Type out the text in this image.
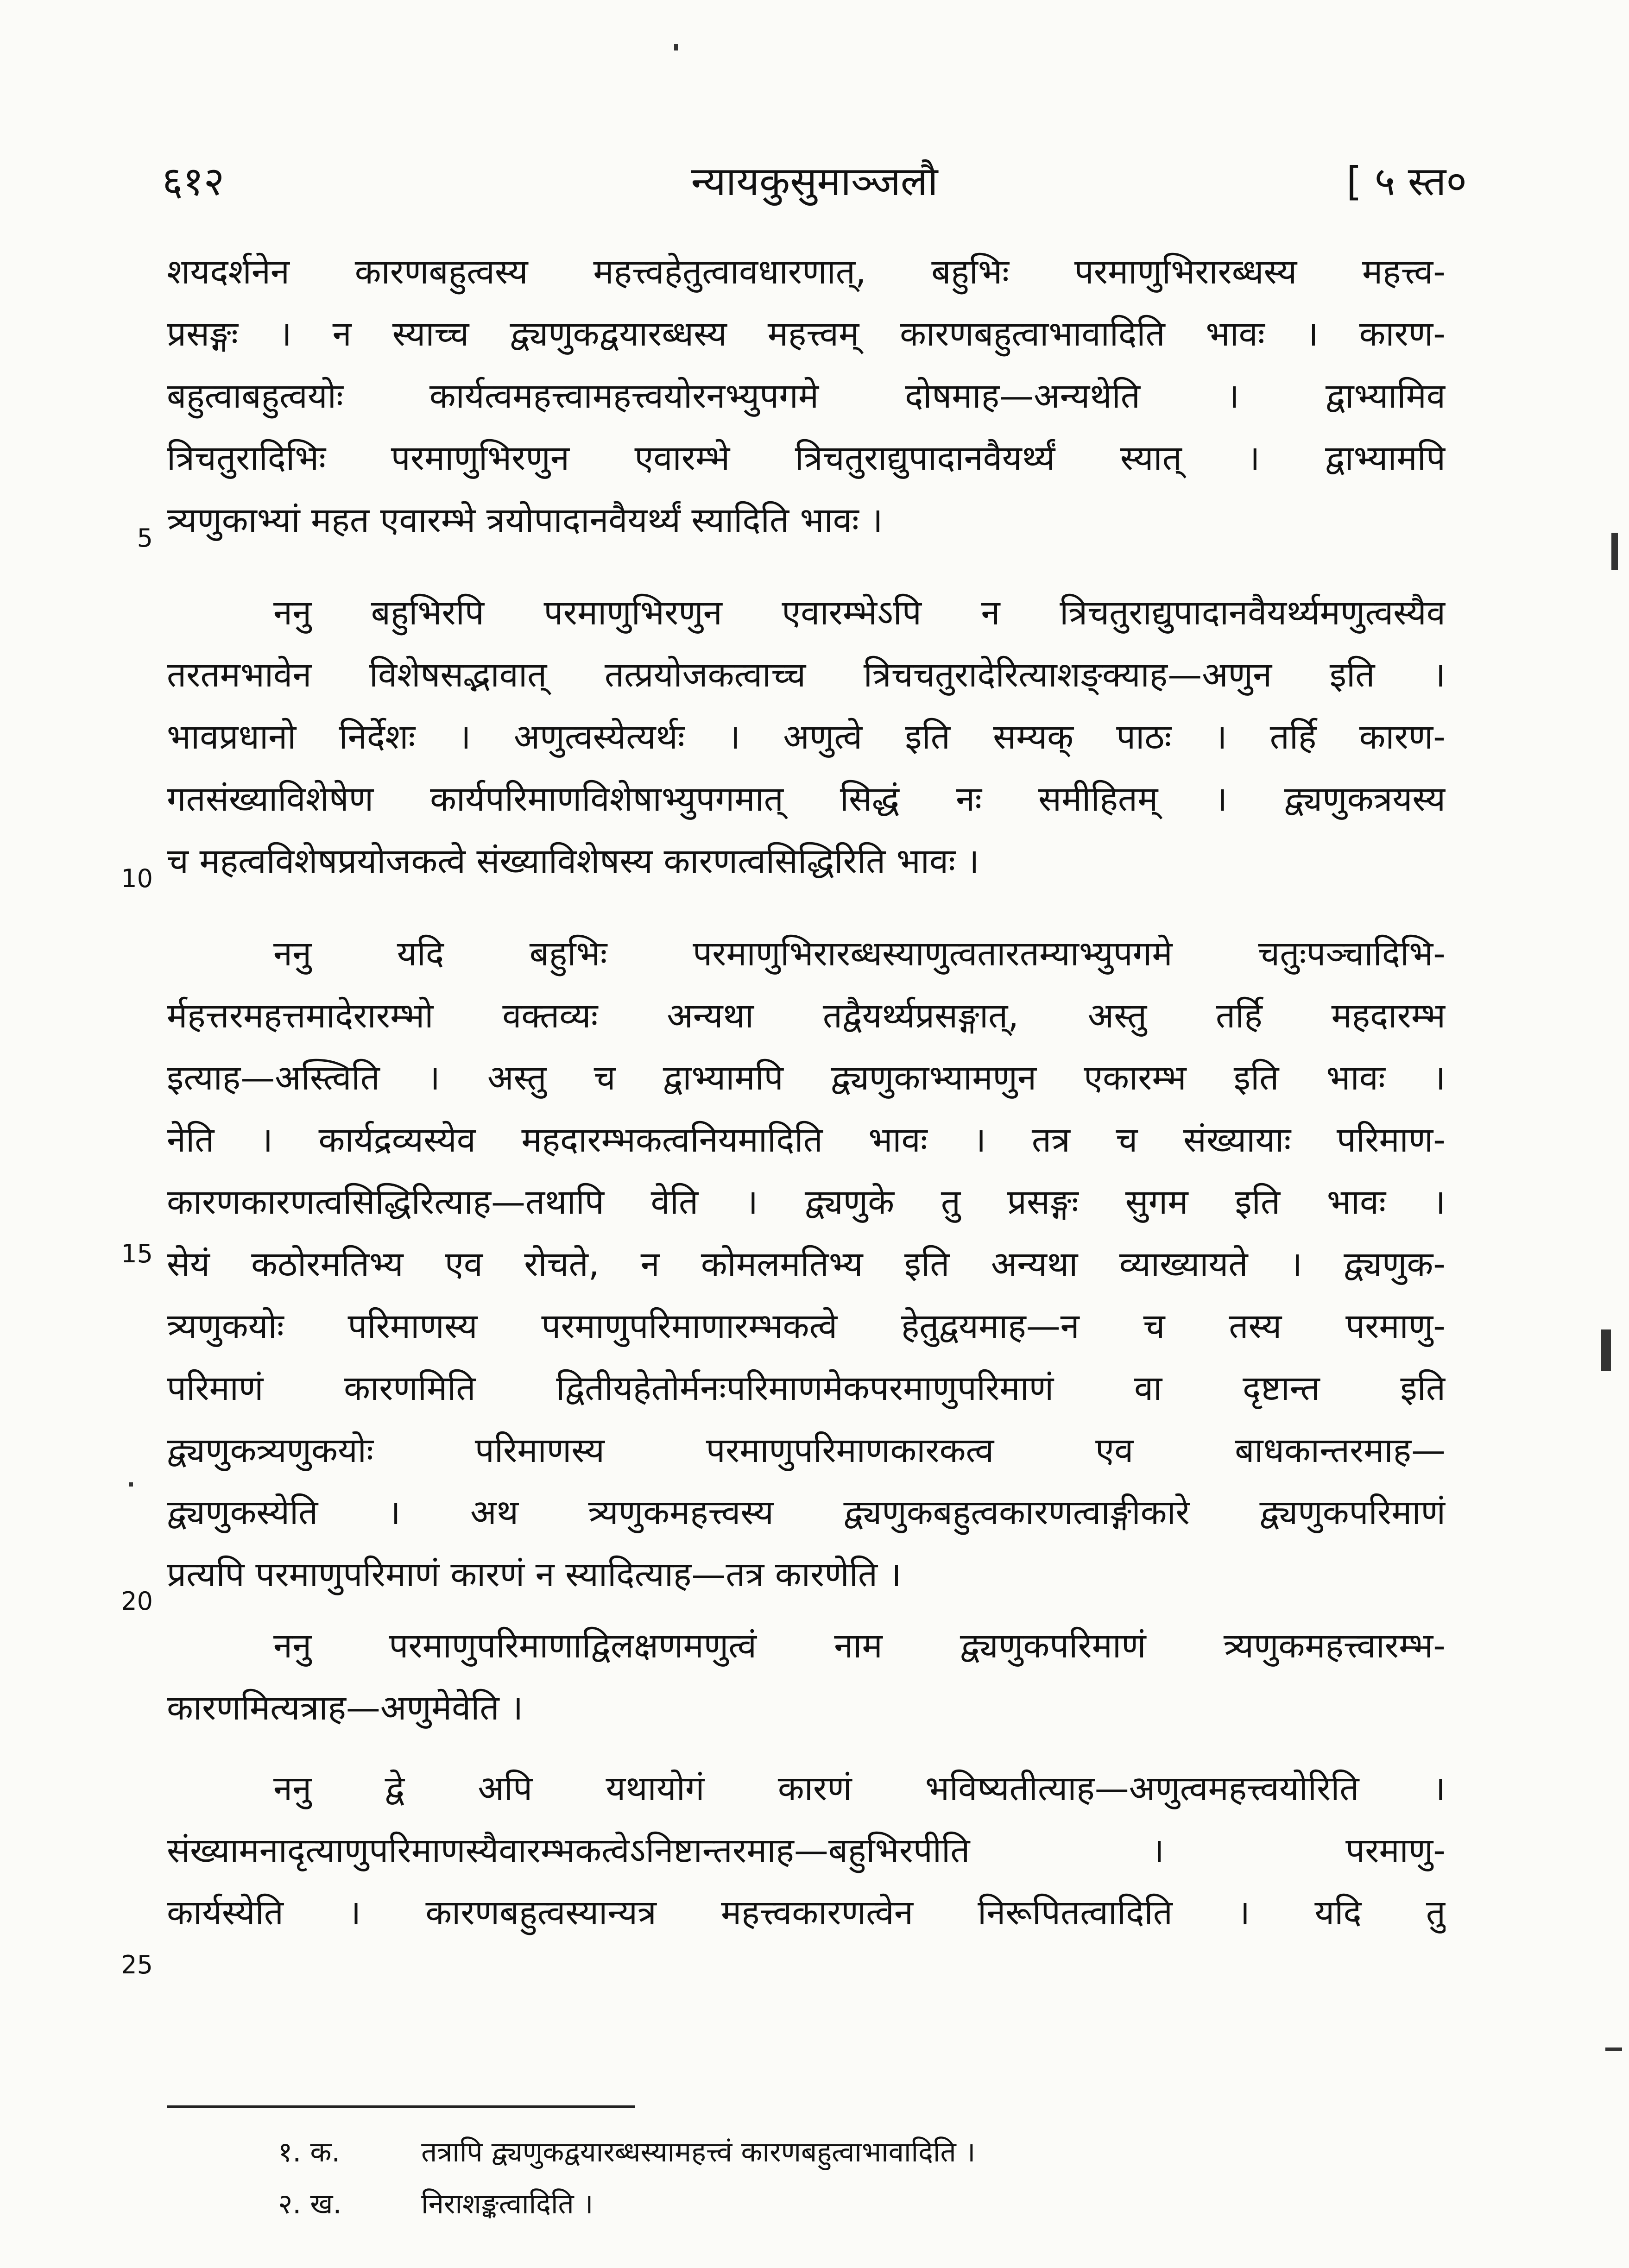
६१२	न्यायकुसुमाञ्जलौ	[ ५ स्त०
शयदर्शनेन कारणबहुत्वस्य महत्त्वहेतुत्वावधारणात्, बहुभिः परमाणुभिरारब्धस्य महत्त्व-
प्रसङ्गः । न स्याच्च द्व्यणुकद्वयारब्धस्य महत्त्वम् कारणबहुत्वाभावादिति भावः । कारण-
बहुत्वाबहुत्वयोः कार्यत्वमहत्त्वामहत्त्वयोरनभ्युपगमे दोषमाह—अन्यथेति । द्वाभ्यामिव
त्रिचतुरादिभिः परमाणुभिरणुन एवारम्भे त्रिचतुराद्युपादानवैयर्थ्यं स्यात् । द्वाभ्यामपि
त्र्यणुकाभ्यां महत एवारम्भे त्रयोपादानवैयर्थ्यं स्यादिति भावः ।
ननु बहुभिरपि परमाणुभिरणुन एवारम्भेऽपि न त्रिचतुराद्युपादानवैयर्थ्यमणुत्वस्यैव
तरतमभावेन विशेषसद्भावात् तत्प्रयोजकत्वाच्च त्रिचचतुरादेरित्याशङ्क्याह—अणुन इति ।
भावप्रधानो निर्देशः । अणुत्वस्येत्यर्थः । अणुत्वे इति सम्यक् पाठः । तर्हि कारण-
गतसंख्याविशेषेण कार्यपरिमाणविशेषाभ्युपगमात् सिद्धं नः समीहितम् । द्व्यणुकत्रयस्य
च महत्वविशेषप्रयोजकत्वे संख्याविशेषस्य कारणत्वसिद्धिरिति भावः ।
ननु यदि बहुभिः परमाणुभिरारब्धस्याणुत्वतारतम्याभ्युपगमे चतुःपञ्चादिभि-
र्महत्तरमहत्तमादेरारम्भो वक्तव्यः अन्यथा तद्वैयर्थ्यप्रसङ्गात्, अस्तु तर्हि महदारम्भ
इत्याह—अस्त्विति । अस्तु च द्वाभ्यामपि द्व्यणुकाभ्यामणुन एकारम्भ इति भावः ।
नेति । कार्यद्रव्यस्येव महदारम्भकत्वनियमादिति भावः । तत्र च संख्यायाः परिमाण-
कारणकारणत्वसिद्धिरित्याह—तथापि वेति । द्व्यणुके तु प्रसङ्गः सुगम इति भावः ।
सेयं कठोरमतिभ्य एव रोचते, न कोमलमतिभ्य इति अन्यथा व्याख्यायते । द्व्यणुक-
त्र्यणुकयोः परिमाणस्य परमाणुपरिमाणारम्भकत्वे हेतुद्वयमाह—न च तस्य परमाणु-
परिमाणं कारणमिति द्वितीयहेतोर्मनःपरिमाणमेकपरमाणुपरिमाणं वा दृष्टान्त इति
द्व्यणुकत्र्यणुकयोः परिमाणस्य परमाणुपरिमाणकारकत्व एव बाधकान्तरमाह—
द्व्यणुकस्येति । अथ त्र्यणुकमहत्त्वस्य द्व्यणुकबहुत्वकारणत्वाङ्गीकारे द्व्यणुकपरिमाणं
प्रत्यपि परमाणुपरिमाणं कारणं न स्यादित्याह—तत्र कारणेति ।
ननु परमाणुपरिमाणाद्विलक्षणमणुत्वं नाम द्व्यणुकपरिमाणं त्र्यणुकमहत्त्वारम्भ-
कारणमित्यत्राह—अणुमेवेति ।
ननु द्वे अपि यथायोगं कारणं भविष्यतीत्याह—अणुत्वमहत्त्वयोरिति ।
संख्यामनादृत्याणुपरिमाणस्यैवारम्भकत्वेऽनिष्टान्तरमाह—बहुभिरपीति । परमाणु-
कार्यस्येति । कारणबहुत्वस्यान्यत्र महत्त्वकारणत्वेन निरूपितत्वादिति । यदि तु
5
10
15
20
25
१. क.	तत्रापि द्व्यणुकद्वयारब्धस्यामहत्त्वं कारणबहुत्वाभावादिति ।
२. ख.	निराशङ्कत्वादिति ।
